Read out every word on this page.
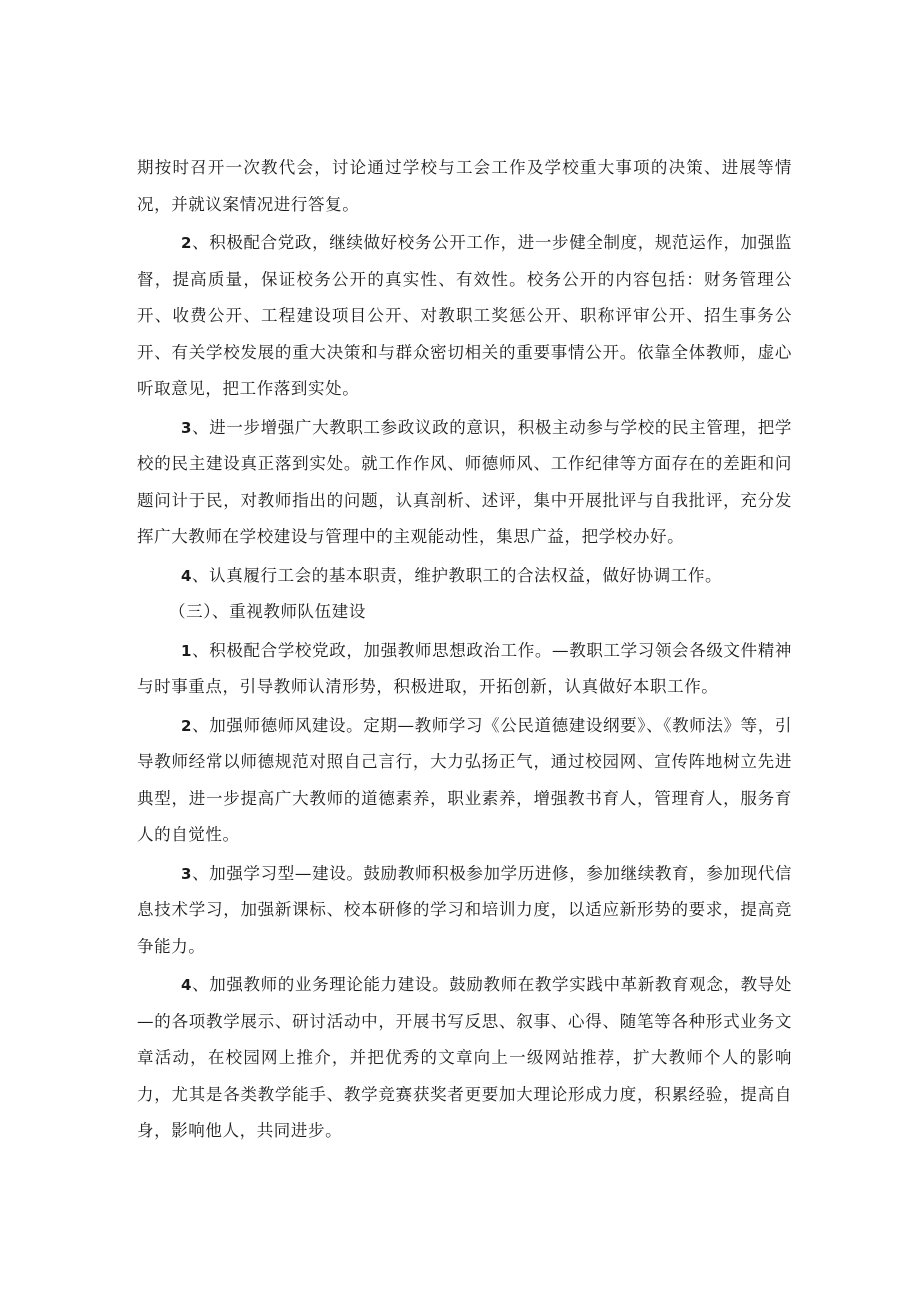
期按时召开一次教代会，讨论通过学校与工会工作及学校重大事项的决策、进展等情况，并就议案情况进行答复。

2、积极配合党政，继续做好校务公开工作，进一步健全制度，规范运作，加强监督，提高质量，保证校务公开的真实性、有效性。校务公开的内容包括：财务管理公开、收费公开、工程建设项目公开、对教职工奖惩公开、职称评审公开、招生事务公开、有关学校发展的重大决策和与群众密切相关的重要事情公开。依靠全体教师，虚心听取意见，把工作落到实处。

3、进一步增强广大教职工参政议政的意识，积极主动参与学校的民主管理，把学校的民主建设真正落到实处。就工作作风、师德师风、工作纪律等方面存在的差距和问题问计于民，对教师指出的问题，认真剖析、述评，集中开展批评与自我批评，充分发挥广大教师在学校建设与管理中的主观能动性，集思广益，把学校办好。

4、认真履行工会的基本职责，维护教职工的合法权益，做好协调工作。

（三）、重视教师队伍建设

1、积极配合学校党政，加强教师思想政治工作。—教职工学习领会各级文件精神与时事重点，引导教师认清形势，积极进取，开拓创新，认真做好本职工作。

2、加强师德师风建设。定期—教师学习《公民道德建设纲要》、《教师法》等，引导教师经常以师德规范对照自己言行，大力弘扬正气，通过校园网、宣传阵地树立先进典型，进一步提高广大教师的道德素养，职业素养，增强教书育人，管理育人，服务育人的自觉性。

3、加强学习型—建设。鼓励教师积极参加学历进修，参加继续教育，参加现代信息技术学习，加强新课标、校本研修的学习和培训力度，以适应新形势的要求，提高竞争能力。

4、加强教师的业务理论能力建设。鼓励教师在教学实践中革新教育观念，教导处—的各项教学展示、研讨活动中，开展书写反思、叙事、心得、随笔等各种形式业务文章活动，在校园网上推介，并把优秀的文章向上一级网站推荐，扩大教师个人的影响力，尤其是各类教学能手、教学竞赛获奖者更要加大理论形成力度，积累经验，提高自身，影响他人，共同进步。
